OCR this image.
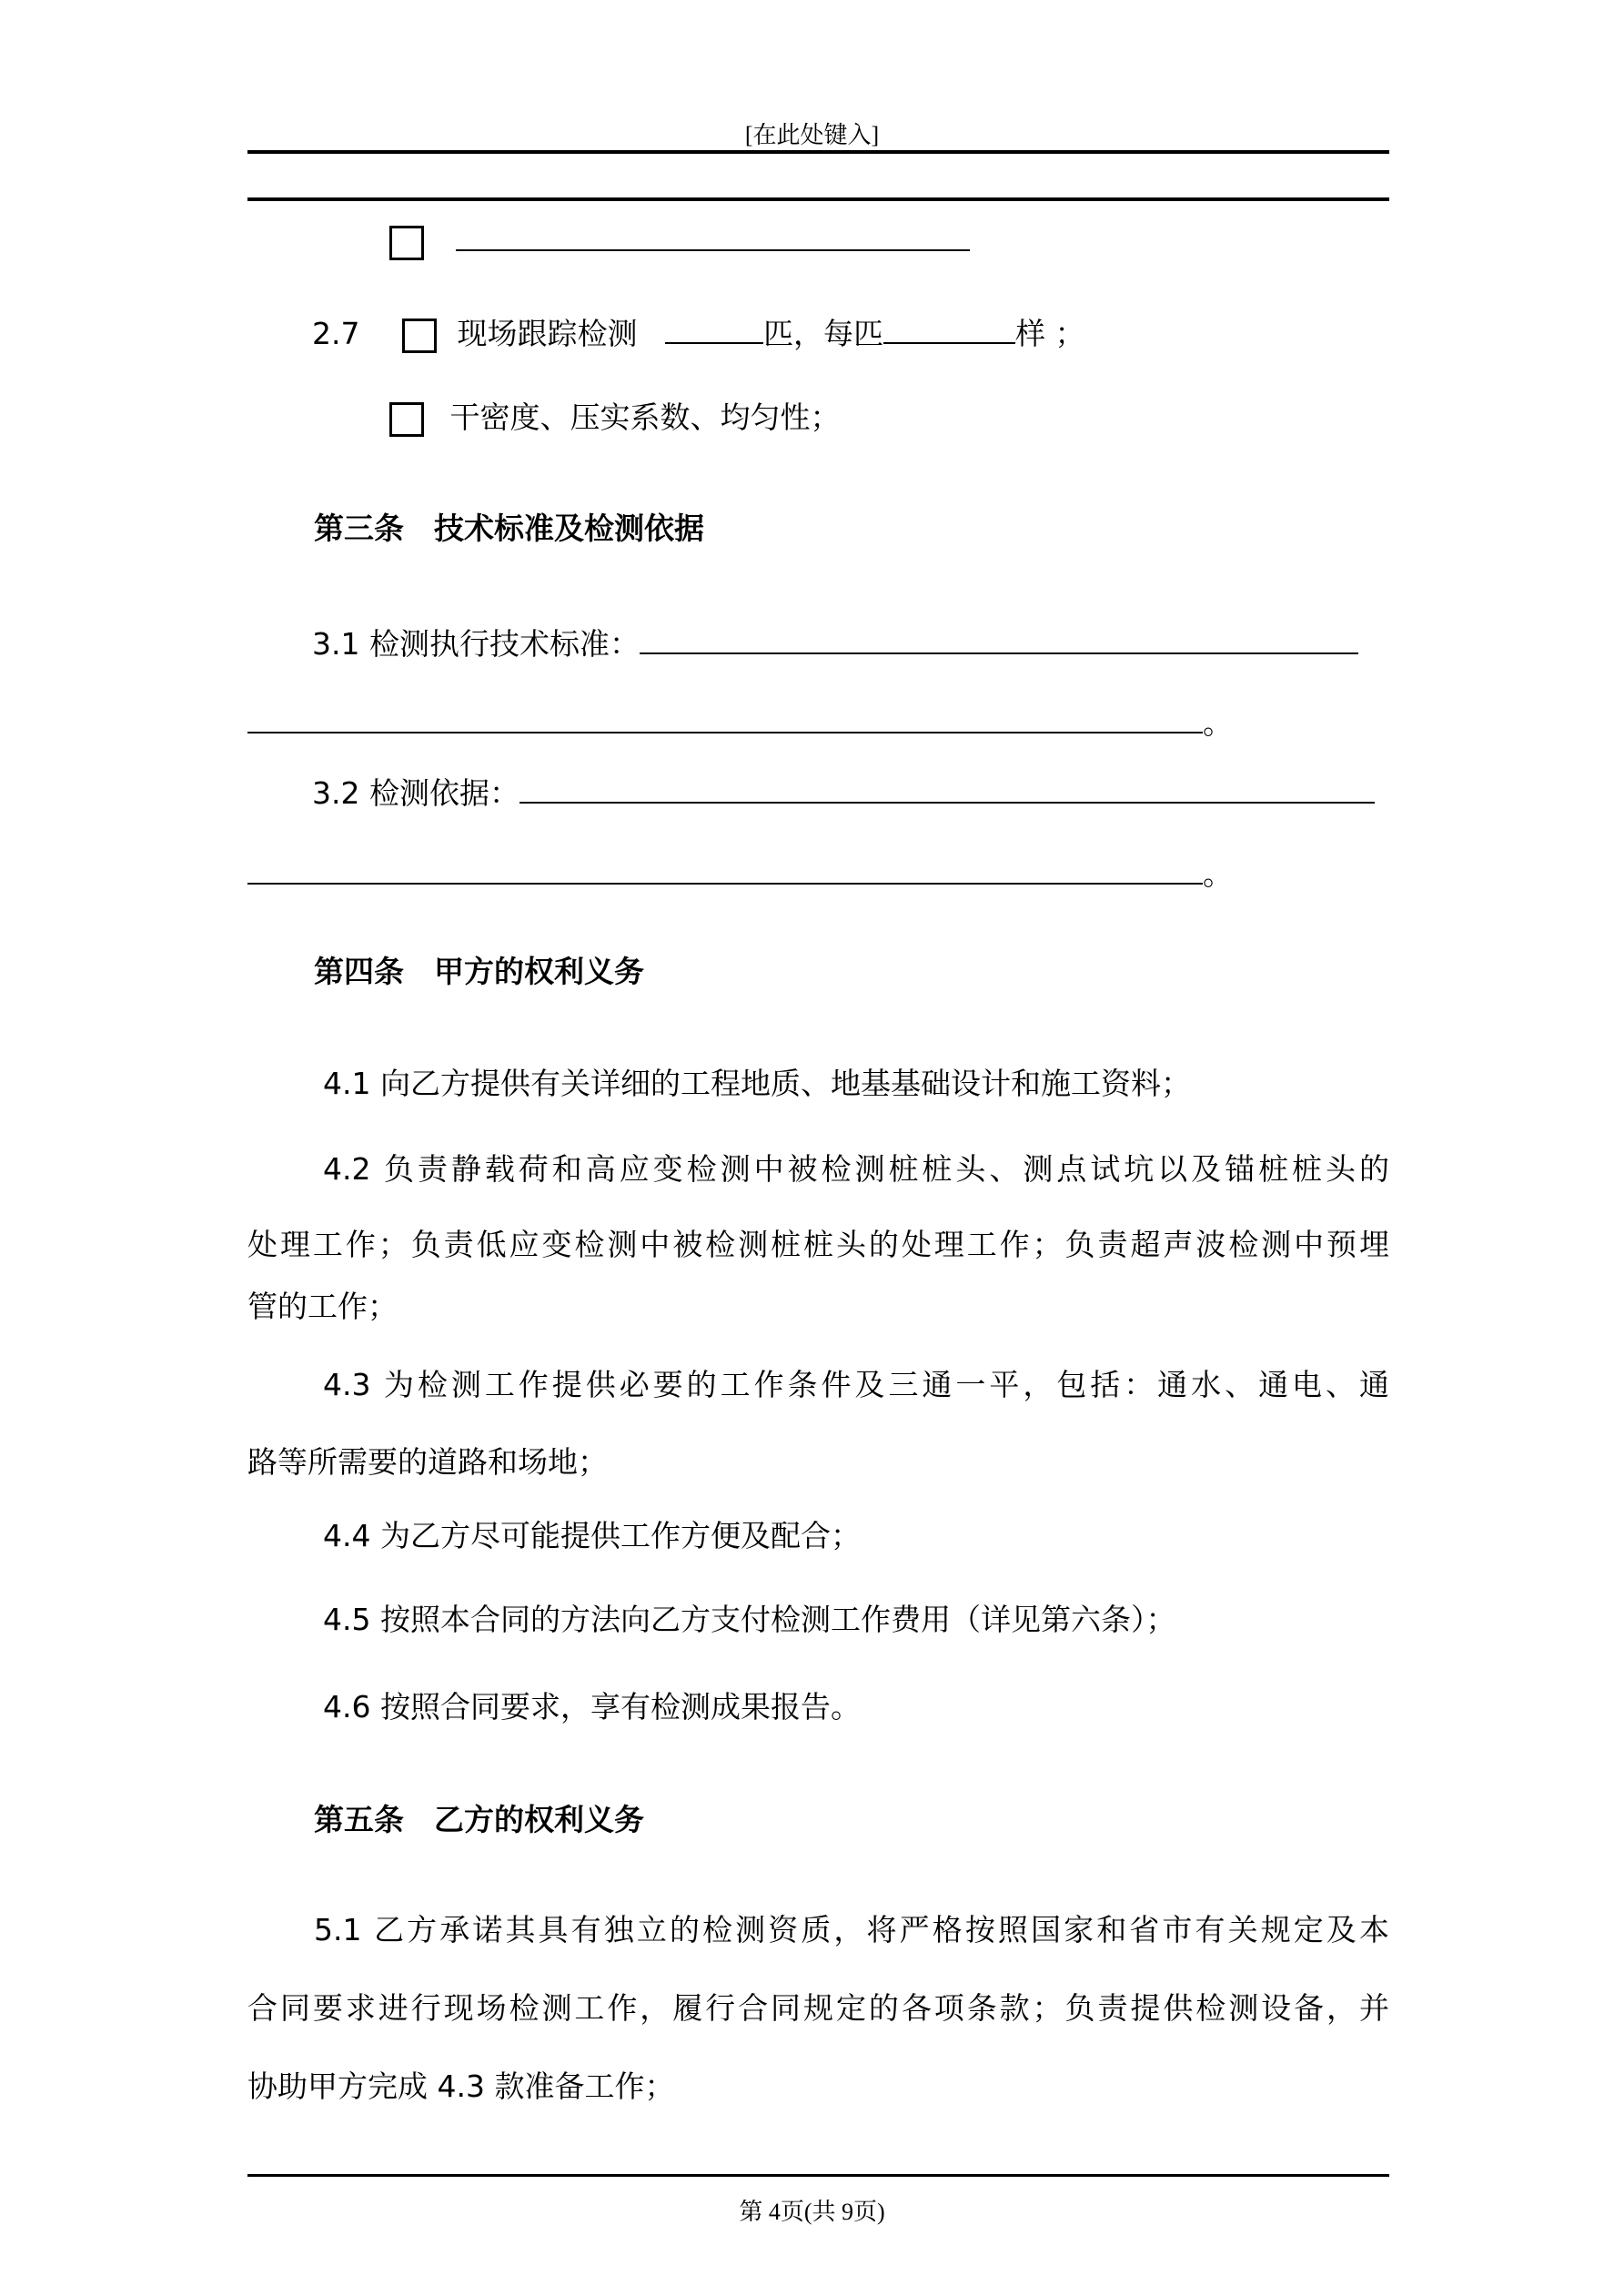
[在此处键入]

2.7	现场跟踪检测	匹，每匹	样 ；
干密度、压实系数、均匀性；
第三条　技术标准及检测依据
3.1 检测执行技术标准：
。
3.2 检测依据：
。
第四条　甲方的权利义务
4.1 向乙方提供有关详细的工程地质、地基基础设计和施工资料；
4.2 负责静载荷和高应变检测中被检测桩桩头、测点试坑以及锚桩桩头的
处理工作；负责低应变检测中被检测桩桩头的处理工作；负责超声波检测中预埋
管的工作；
4.3 为检测工作提供必要的工作条件及三通一平，包括：通水、通电、通
路等所需要的道路和场地；
4.4 为乙方尽可能提供工作方便及配合；
4.5 按照本合同的方法向乙方支付检测工作费用（详见第六条）；
4.6 按照合同要求，享有检测成果报告。
第五条　乙方的权利义务
5.1 乙方承诺其具有独立的检测资质，将严格按照国家和省市有关规定及本
合同要求进行现场检测工作，履行合同规定的各项条款；负责提供检测设备，并
协助甲方完成 4.3 款准备工作；
第 4页(共 9页)
